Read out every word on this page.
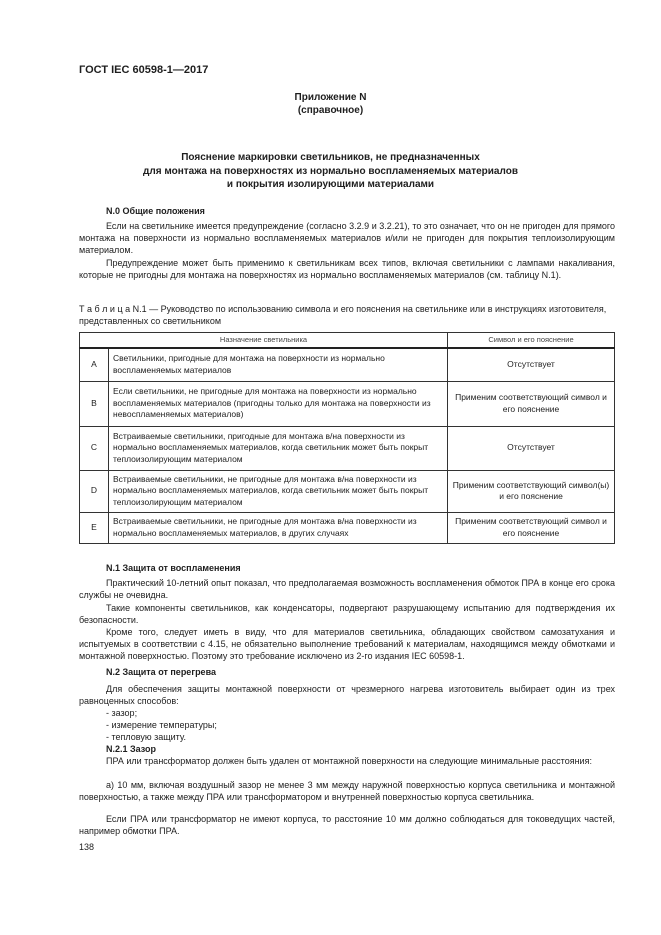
ГОСТ IEC 60598-1—2017
Приложение N
(справочное)
Пояснение маркировки светильников, не предназначенных
для монтажа на поверхностях из нормально воспламеняемых материалов
и покрытия изолирующими материалами
N.0 Общие положения
Если на светильнике имеется предупреждение (согласно 3.2.9 и 3.2.21), то это означает, что он не пригоден для прямого монтажа на поверхности из нормально воспламеняемых материалов и/или не пригоден для покрытия теплоизолирующим материалом.
Предупреждение может быть применимо к светильникам всех типов, включая светильники с лампами накаливания, которые не пригодны для монтажа на поверхностях из нормально воспламеняемых материалов (см. таблицу N.1).
Т а б л и ц а N.1 — Руководство по использованию символа и его пояснения на светильнике или в инструкциях изготовителя, представленных со светильником
Назначение светильника		Символ и его пояснение
A	Светильники, пригодные для монтажа на поверхности из нормально воспламеняемых материалов	Отсутствует
B	Если светильники, не пригодные для монтажа на поверхности из нормально воспламеняемых материалов (пригодны только для монтажа на поверхности из невоспламеняемых материалов)	Применим соответствующий символ и его пояснение
C	Встраиваемые светильники, пригодные для монтажа в/на поверхности из нормально воспламеняемых материалов, когда светильник может быть покрыт теплоизолирующим материалом	Отсутствует
D	Встраиваемые светильники, не пригодные для монтажа в/на поверхности из нормально воспламеняемых материалов, когда светильник может быть покрыт теплоизолирующим материалом	Применим соответствующий символ(ы) и его пояснение
E	Встраиваемые светильники, не пригодные для монтажа в/на поверхности из нормально воспламеняемых материалов, в других случаях	Применим соответствующий символ и его пояснение
N.1 Защита от воспламенения
Практический 10-летний опыт показал, что предполагаемая возможность воспламенения обмоток ПРА в конце его срока службы не очевидна.
Такие компоненты светильников, как конденсаторы, подвергают разрушающему испытанию для подтверждения их безопасности.
Кроме того, следует иметь в виду, что для материалов светильника, обладающих свойством самозатухания и испытуемых в соответствии с 4.15, не обязательно выполнение требований к материалам, находящимся между обмотками и монтажной поверхностью. Поэтому это требование исключено из 2-го издания IEC 60598-1.
N.2 Защита от перегрева
Для обеспечения защиты монтажной поверхности от чрезмерного нагрева изготовитель выбирает один из трех равноценных способов:
- зазор;
- измерение температуры;
- тепловую защиту.
N.2.1 Зазор
ПРА или трансформатор должен быть удален от монтажной поверхности на следующие минимальные расстояния:
а) 10 мм, включая воздушный зазор не менее 3 мм между наружной поверхностью корпуса светильника и монтажной поверхностью, а также между ПРА или трансформатором и внутренней поверхностью корпуса светильника.
Если ПРА или трансформатор не имеют корпуса, то расстояние 10 мм должно соблюдаться для токоведущих частей, например обмотки ПРА.
138
